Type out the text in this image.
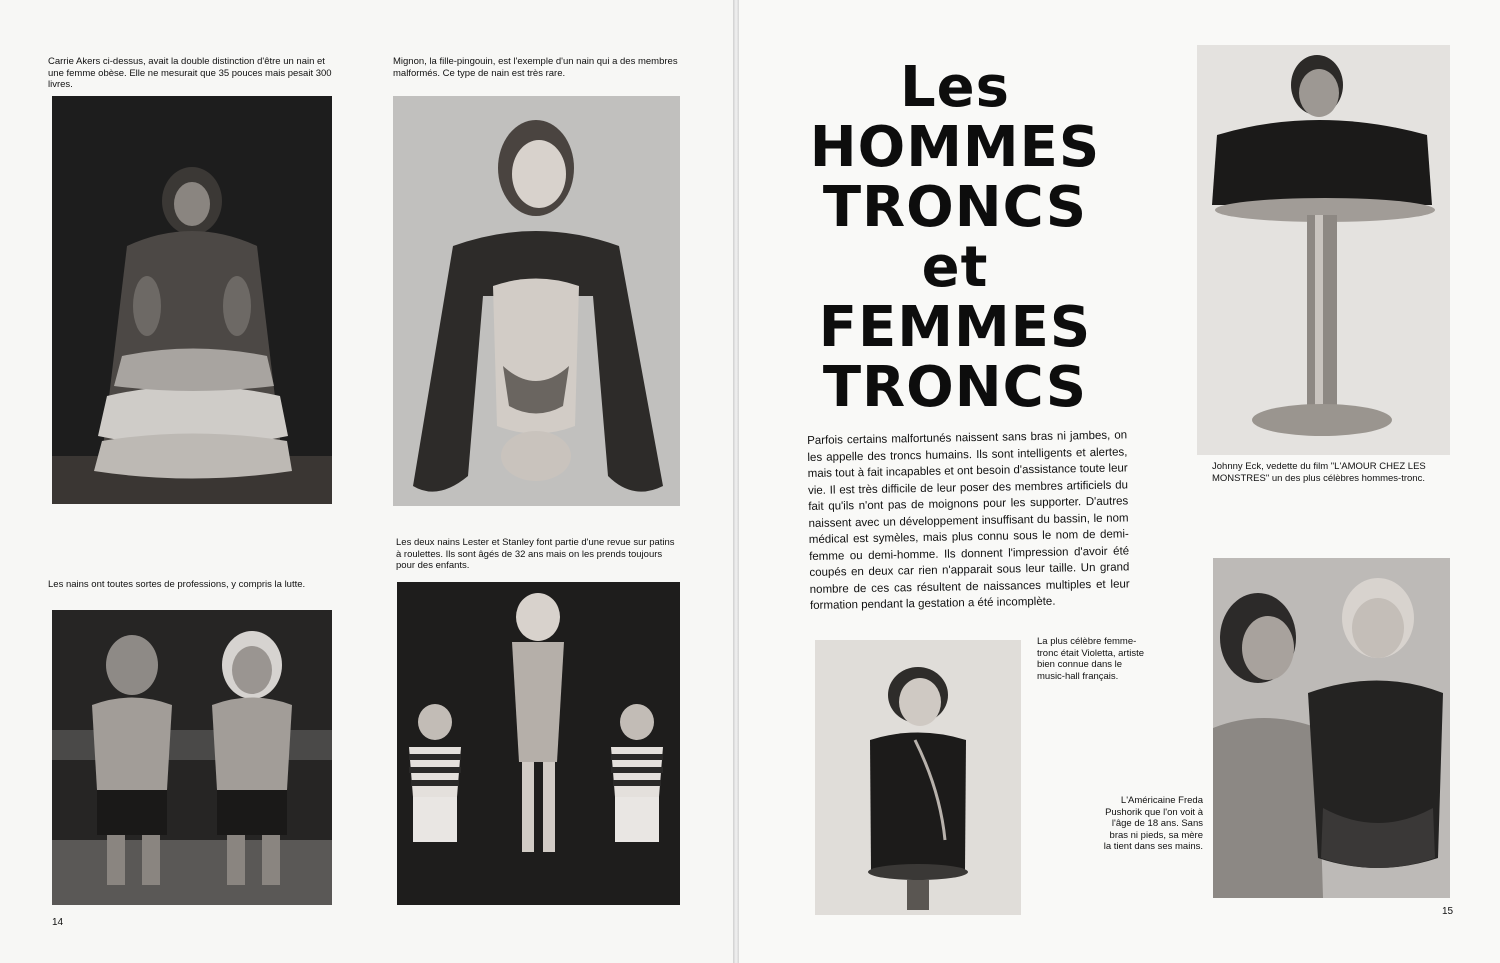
Carrie Akers ci-dessus, avait la double distinction d'être un nain et une femme obèse. Elle ne mesurait que 35 pouces mais pesait 300 livres.

Mignon, la fille-pingouin, est l'exemple d'un nain qui a des membres malformés. Ce type de nain est très rare.

Les nains ont toutes sortes de professions, y compris la lutte.

Les deux nains Lester et Stanley font partie d'une revue sur patins à roulettes. Ils sont âgés de 32 ans mais on les prends toujours pour des enfants.

14
Les
HOMMES
TRONCS
et
FEMMES
TRONCS

Parfois certains malfortunés naissent sans bras ni jambes, on les appelle des troncs humains. Ils sont intelligents et alertes, mais tout à fait incapables et ont besoin d'assistance toute leur vie. Il est très difficile de leur poser des membres artificiels du fait qu'ils n'ont pas de moignons pour les supporter. D'autres naissent avec un développement insuffisant du bassin, le nom médical est symèles, mais plus connu sous le nom de demi-femme ou demi-homme. Ils donnent l'impression d'avoir été coupés en deux car rien n'apparait sous leur taille. Un grand nombre de ces cas résultent de naissances multiples et leur formation pendant la gestation a été incomplète.

Johnny Eck, vedette du film "L'AMOUR CHEZ LES MONSTRES" un des plus célèbres hommes-tronc.

La plus célèbre femme-tronc était Violetta, artiste bien connue dans le music-hall français.

L'Américaine Freda Pushorik que l'on voit à l'âge de 18 ans. Sans bras ni pieds, sa mère la tient dans ses mains.

15
